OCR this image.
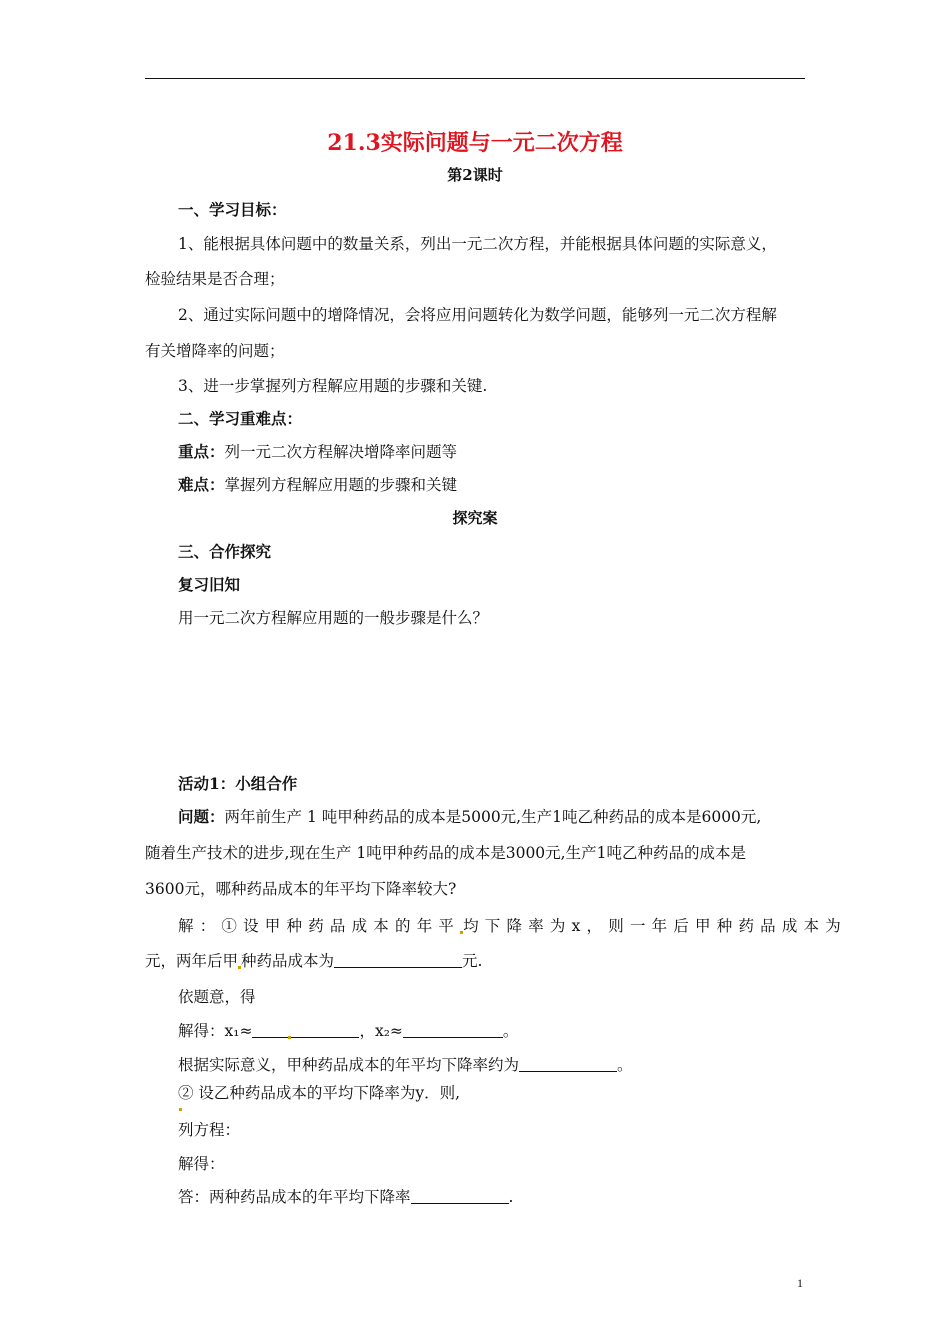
21.3实际问题与一元二次方程
第2课时
一、学习目标：
1、能根据具体问题中的数量关系，列出一元二次方程，并能根据具体问题的实际意义，
检验结果是否合理；
2、通过实际问题中的增降情况，会将应用问题转化为数学问题，能够列一元二次方程解
有关增降率的问题；
3、进一步掌握列方程解应用题的步骤和关键.
二、学习重难点：
重点：列一元二次方程解决增降率问题等
难点：掌握列方程解应用题的步骤和关键
探究案
三、合作探究
复习旧知
用一元二次方程解应用题的一般步骤是什么？
活动1：小组合作
问题：两年前生产 1 吨甲种药品的成本是5000元,生产1吨乙种药品的成本是6000元,
随着生产技术的进步,现在生产 1吨甲种药品的成本是3000元,生产1吨乙种药品的成本是
3600元，哪种药品成本的年平均下降率较大?
解：①设甲种药品成本的年平 均下降率为x，则一年后甲种药品成本为
元，两年后甲 种药品成本为	元.
依题意，得
解得：x₁≈	，x₂≈	。
根据实际意义，甲种药品成本的年平均下降率约为	。
② 设乙种药品成本的平均下降率为y．则,
列方程：
解得：
答：两种药品成本的年平均下降率	.
1
